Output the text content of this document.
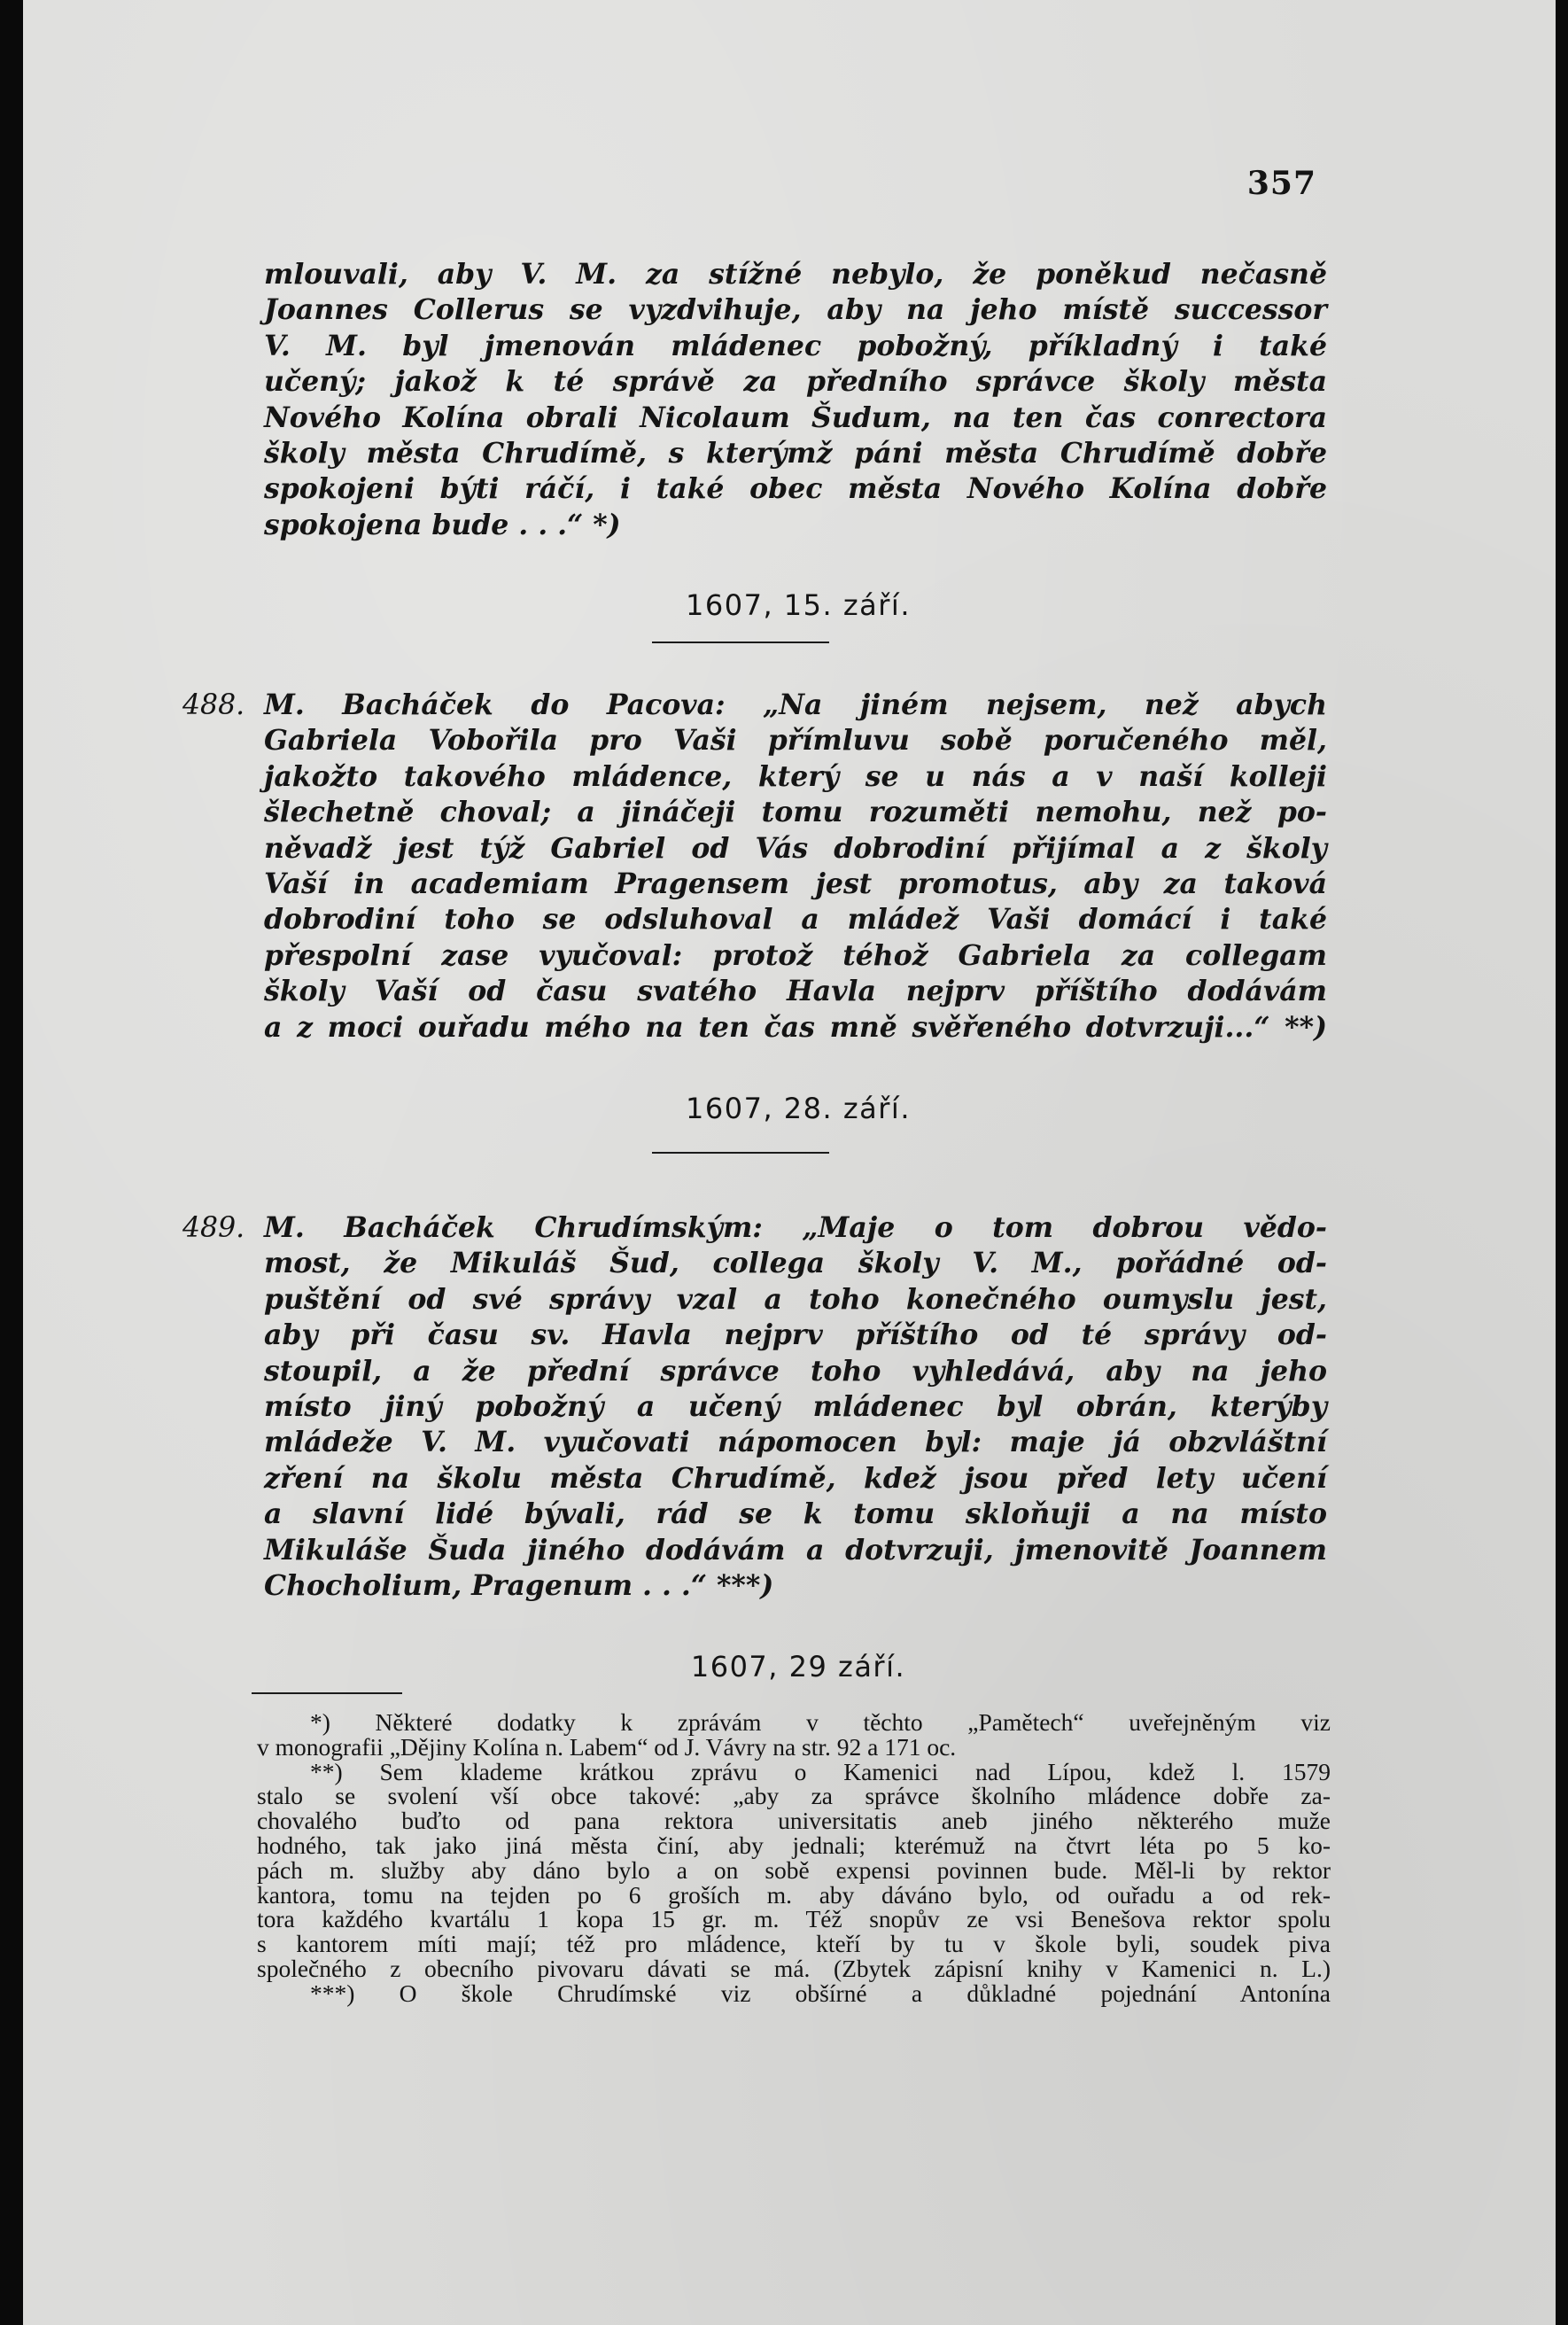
357
mlouvali, aby V. M. za stížné nebylo, že poněkud nečasně
Joannes Collerus se vyzdvihuje, aby na jeho místě successor
V. M. byl jmenován mládenec pobožný, příkladný i také
učený; jakož k té správě za předního správce školy města
Nového Kolína obrali Nicolaum Šudum, na ten čas conrectora
školy města Chrudímě, s kterýmž páni města Chrudímě dobře
spokojeni býti ráčí, i také obec města Nového Kolína dobře
spokojena bude . . .“ *)
1607, 15. září.
488. M. Bacháček do Pacova: „Na jiném nejsem, než abych
Gabriela Vobořila pro Vaši přímluvu sobě poručeného měl,
jakožto takového mládence, který se u nás a v naší kolleji
šlechetně choval; a jináčeji tomu rozuměti nemohu, než po-
něvadž jest týž Gabriel od Vás dobrodiní přijímal a z školy
Vaší in academiam Pragensem jest promotus, aby za taková
dobrodiní toho se odsluhoval a mládež Vaši domácí i také
přespolní zase vyučoval: protož téhož Gabriela za collegam
školy Vaší od času svatého Havla nejprv příštího dodávám
a z moci ouřadu mého na ten čas mně svěřeného dotvrzuji...“ **)
1607, 28. září.
489. M. Bacháček Chrudímským: „Maje o tom dobrou vědo-
most, že Mikuláš Šud, collega školy V. M., pořádné od-
puštění od své správy vzal a toho konečného oumyslu jest,
aby při času sv. Havla nejprv příštího od té správy od-
stoupil, a že přední správce toho vyhledává, aby na jeho
místo jiný pobožný a učený mládenec byl obrán, kterýby
mládeže V. M. vyučovati nápomocen byl: maje já obzvláštní
zření na školu města Chrudímě, kdež jsou před lety učení
a slavní lidé bývali, rád se k tomu skloňuji a na místo
Mikuláše Šuda jiného dodávám a dotvrzuji, jmenovitě Joannem
Chocholium, Pragenum . . .“ ***)
1607, 29 září.
*) Některé dodatky k zprávám v těchto „Pamětech“ uveřejněným viz
v monografii „Dějiny Kolína n. Labem“ od J. Vávry na str. 92 a 171 oc.
**) Sem klademe krátkou zprávu o Kamenici nad Lípou, kdež l. 1579
stalo se svolení vší obce takové: „aby za správce školního mládence dobře za-
chovalého buďto od pana rektora universitatis aneb jiného některého muže
hodného, tak jako jiná města činí, aby jednali; kterémuž na čtvrt léta po 5 ko-
pách m. služby aby dáno bylo a on sobě expensi povinnen bude. Měl-li by rektor
kantora, tomu na tejden po 6 groších m. aby dáváno bylo, od ouřadu a od rek-
tora každého kvartálu 1 kopa 15 gr. m. Též snopův ze vsi Benešova rektor spolu
s kantorem míti mají; též pro mládence, kteří by tu v škole byli, soudek piva
společného z obecního pivovaru dávati se má. (Zbytek zápisní knihy v Kamenici n. L.)
***) O škole Chrudímské viz obšírné a důkladné pojednání Antonína
